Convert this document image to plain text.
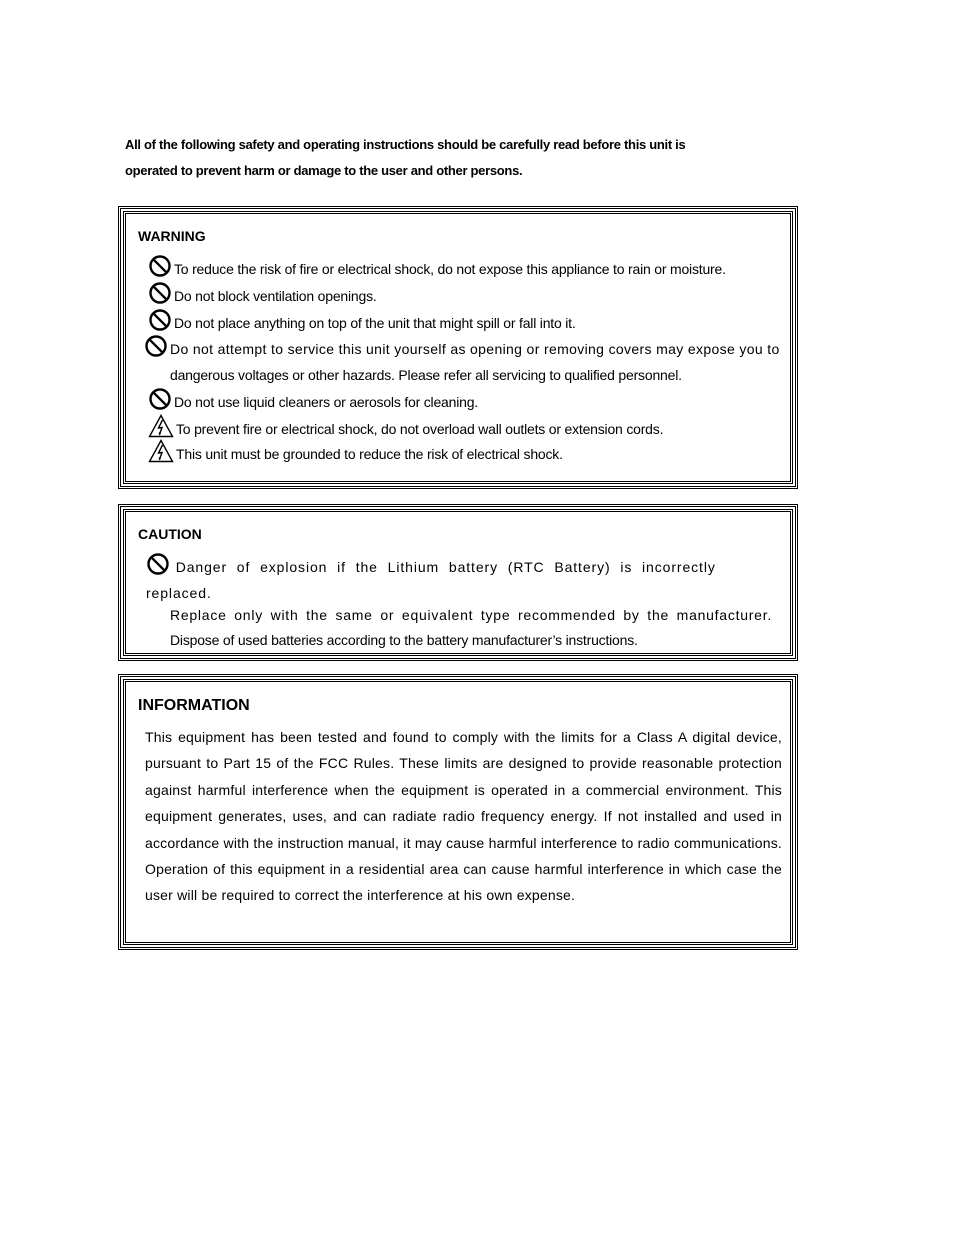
All of the following safety and operating instructions should be carefully read before this unit is

operated to prevent harm or damage to the user and other persons.

WARNING
To reduce the risk of fire or electrical shock, do not expose this appliance to rain or moisture.
Do not block ventilation openings.
Do not place anything on top of the unit that might spill or fall into it.
Do not attempt to service this unit yourself as opening or removing covers may expose you to
dangerous voltages or other hazards. Please refer all servicing to qualified personnel.
Do not use liquid cleaners or aerosols for cleaning.
To prevent fire or electrical shock, do not overload wall outlets or extension cords.
This unit must be grounded to reduce the risk of electrical shock.
CAUTION
Danger of explosion if the Lithium battery (RTC Battery) is incorrectly replaced.
Replace only with the same or equivalent type recommended by the manufacturer.
Dispose of used batteries according to the battery manufacturer’s instructions.
INFORMATION

This equipment has been tested and found to comply with the limits for a Class A digital device, pursuant to Part 15 of the FCC Rules. These limits are designed to provide reasonable protection against harmful interference when the equipment is operated in a commercial environment. This equipment generates, uses, and can radiate radio frequency energy. If not installed and used in accordance with the instruction manual, it may cause harmful interference to radio communications. Operation of this equipment in a residential area can cause harmful interference in which case the user will be required to correct the interference at his own expense.
